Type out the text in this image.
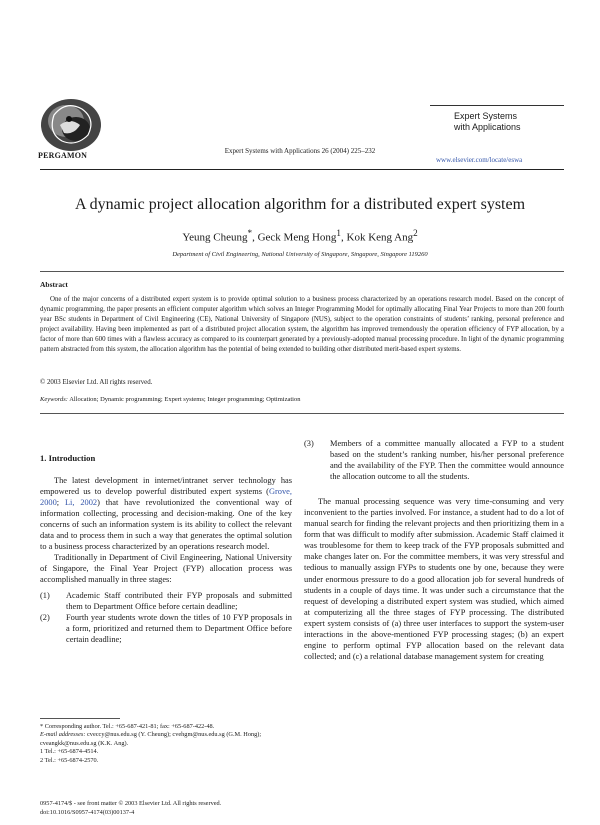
PERGAMON	Expert Systems with Applications 26 (2004) 225–232
Expert Systems
with Applications
www.elsevier.com/locate/eswa
A dynamic project allocation algorithm for a distributed expert system
Yeung Cheung*, Geck Meng Hong$^1$, Kok Keng Ang$^2$
Department of Civil Engineering, National University of Singapore, Singapore, Singapore 119260
Abstract
One of the major concerns of a distributed expert system is to provide optimal solution to a business process characterized by an operations research model. Based on the concept of dynamic programming, the paper presents an efficient computer algorithm which solves an Integer Programming Model for optimally allocating Final Year Projects to more than 200 fourth year BSc students in Department of Civil Engineering (CE), National University of Singapore (NUS), subject to the operation constraints of students’ ranking, personal preference and project availability. Having been implemented as part of a distributed project allocation system, the algorithm has improved tremendously the operation efficiency of FYP allocation, by a factor of more than 600 times with a flawless accuracy as compared to its counterpart generated by a previously-adopted manual processing procedure. In light of the dynamic programming pattern abstracted from this system, the allocation algorithm has the potential of being extended to building other distributed merit-based expert systems.
© 2003 Elsevier Ltd. All rights reserved.
Keywords: Allocation; Dynamic programming; Expert systems; Integer programming; Optimization
1. Introduction
The latest development in internet/intranet server technology has empowered us to develop powerful distributed expert systems (Grove, 2000; Li, 2002) that have revolutionized the conventional way of information collecting, processing and decision-making. One of the key concerns of such an information system is its ability to collect the relevant data and to process them in such a way that generates the optimal solution to a business process characterized by an operations research model.
Traditionally in Department of Civil Engineering, National University of Singapore, the Final Year Project (FYP) allocation process was accomplished manually in three stages:
(1) Academic Staff contributed their FYP proposals and submitted them to Department Office before certain deadline;
(2) Fourth year students wrote down the titles of 10 FYP proposals in a form, prioritized and returned them to Department Office before certain deadline;
(3) Members of a committee manually allocated a FYP to a student based on the student’s ranking number, his/her personal preference and the availability of the FYP. Then the committee would announce the allocation outcome to all the students.
The manual processing sequence was very time-consuming and very inconvenient to the parties involved. For instance, a student had to do a lot of manual search for finding the relevant projects and then prioritizing them in a form that was difficult to modify after submission. Academic Staff claimed it was troublesome for them to keep track of the FYP proposals submitted and make changes later on. For the committee members, it was very stressful and tedious to manually assign FYPs to students one by one, because they were under enormous pressure to do a good allocation job for several hundreds of students in a couple of days time. It was under such a circumstance that the request of developing a distributed expert system was studied, which aimed at computerizing all the three stages of FYP processing. The distributed expert system consists of (a) three user interfaces to support the system-user interactions in the above-mentioned FYP processing stages; (b) an expert engine to perform optimal FYP allocation based on the relevant data collected; and (c) a relational database management system for creating
* Corresponding author. Tel.: +65-687-421-81; fax: +65-687-422-48.
E-mail addresses: cveccy@nus.edu.sg (Y. Cheung); cvehgm@nus.edu.sg (G.M. Hong); cveangkk@nus.edu.sg (K.K. Ang).
1 Tel.: +65-6874-4514.
2 Tel.: +65-6874-2570.
0957-4174/$ - see front matter © 2003 Elsevier Ltd. All rights reserved.
doi:10.1016/S0957-4174(03)00137-4
